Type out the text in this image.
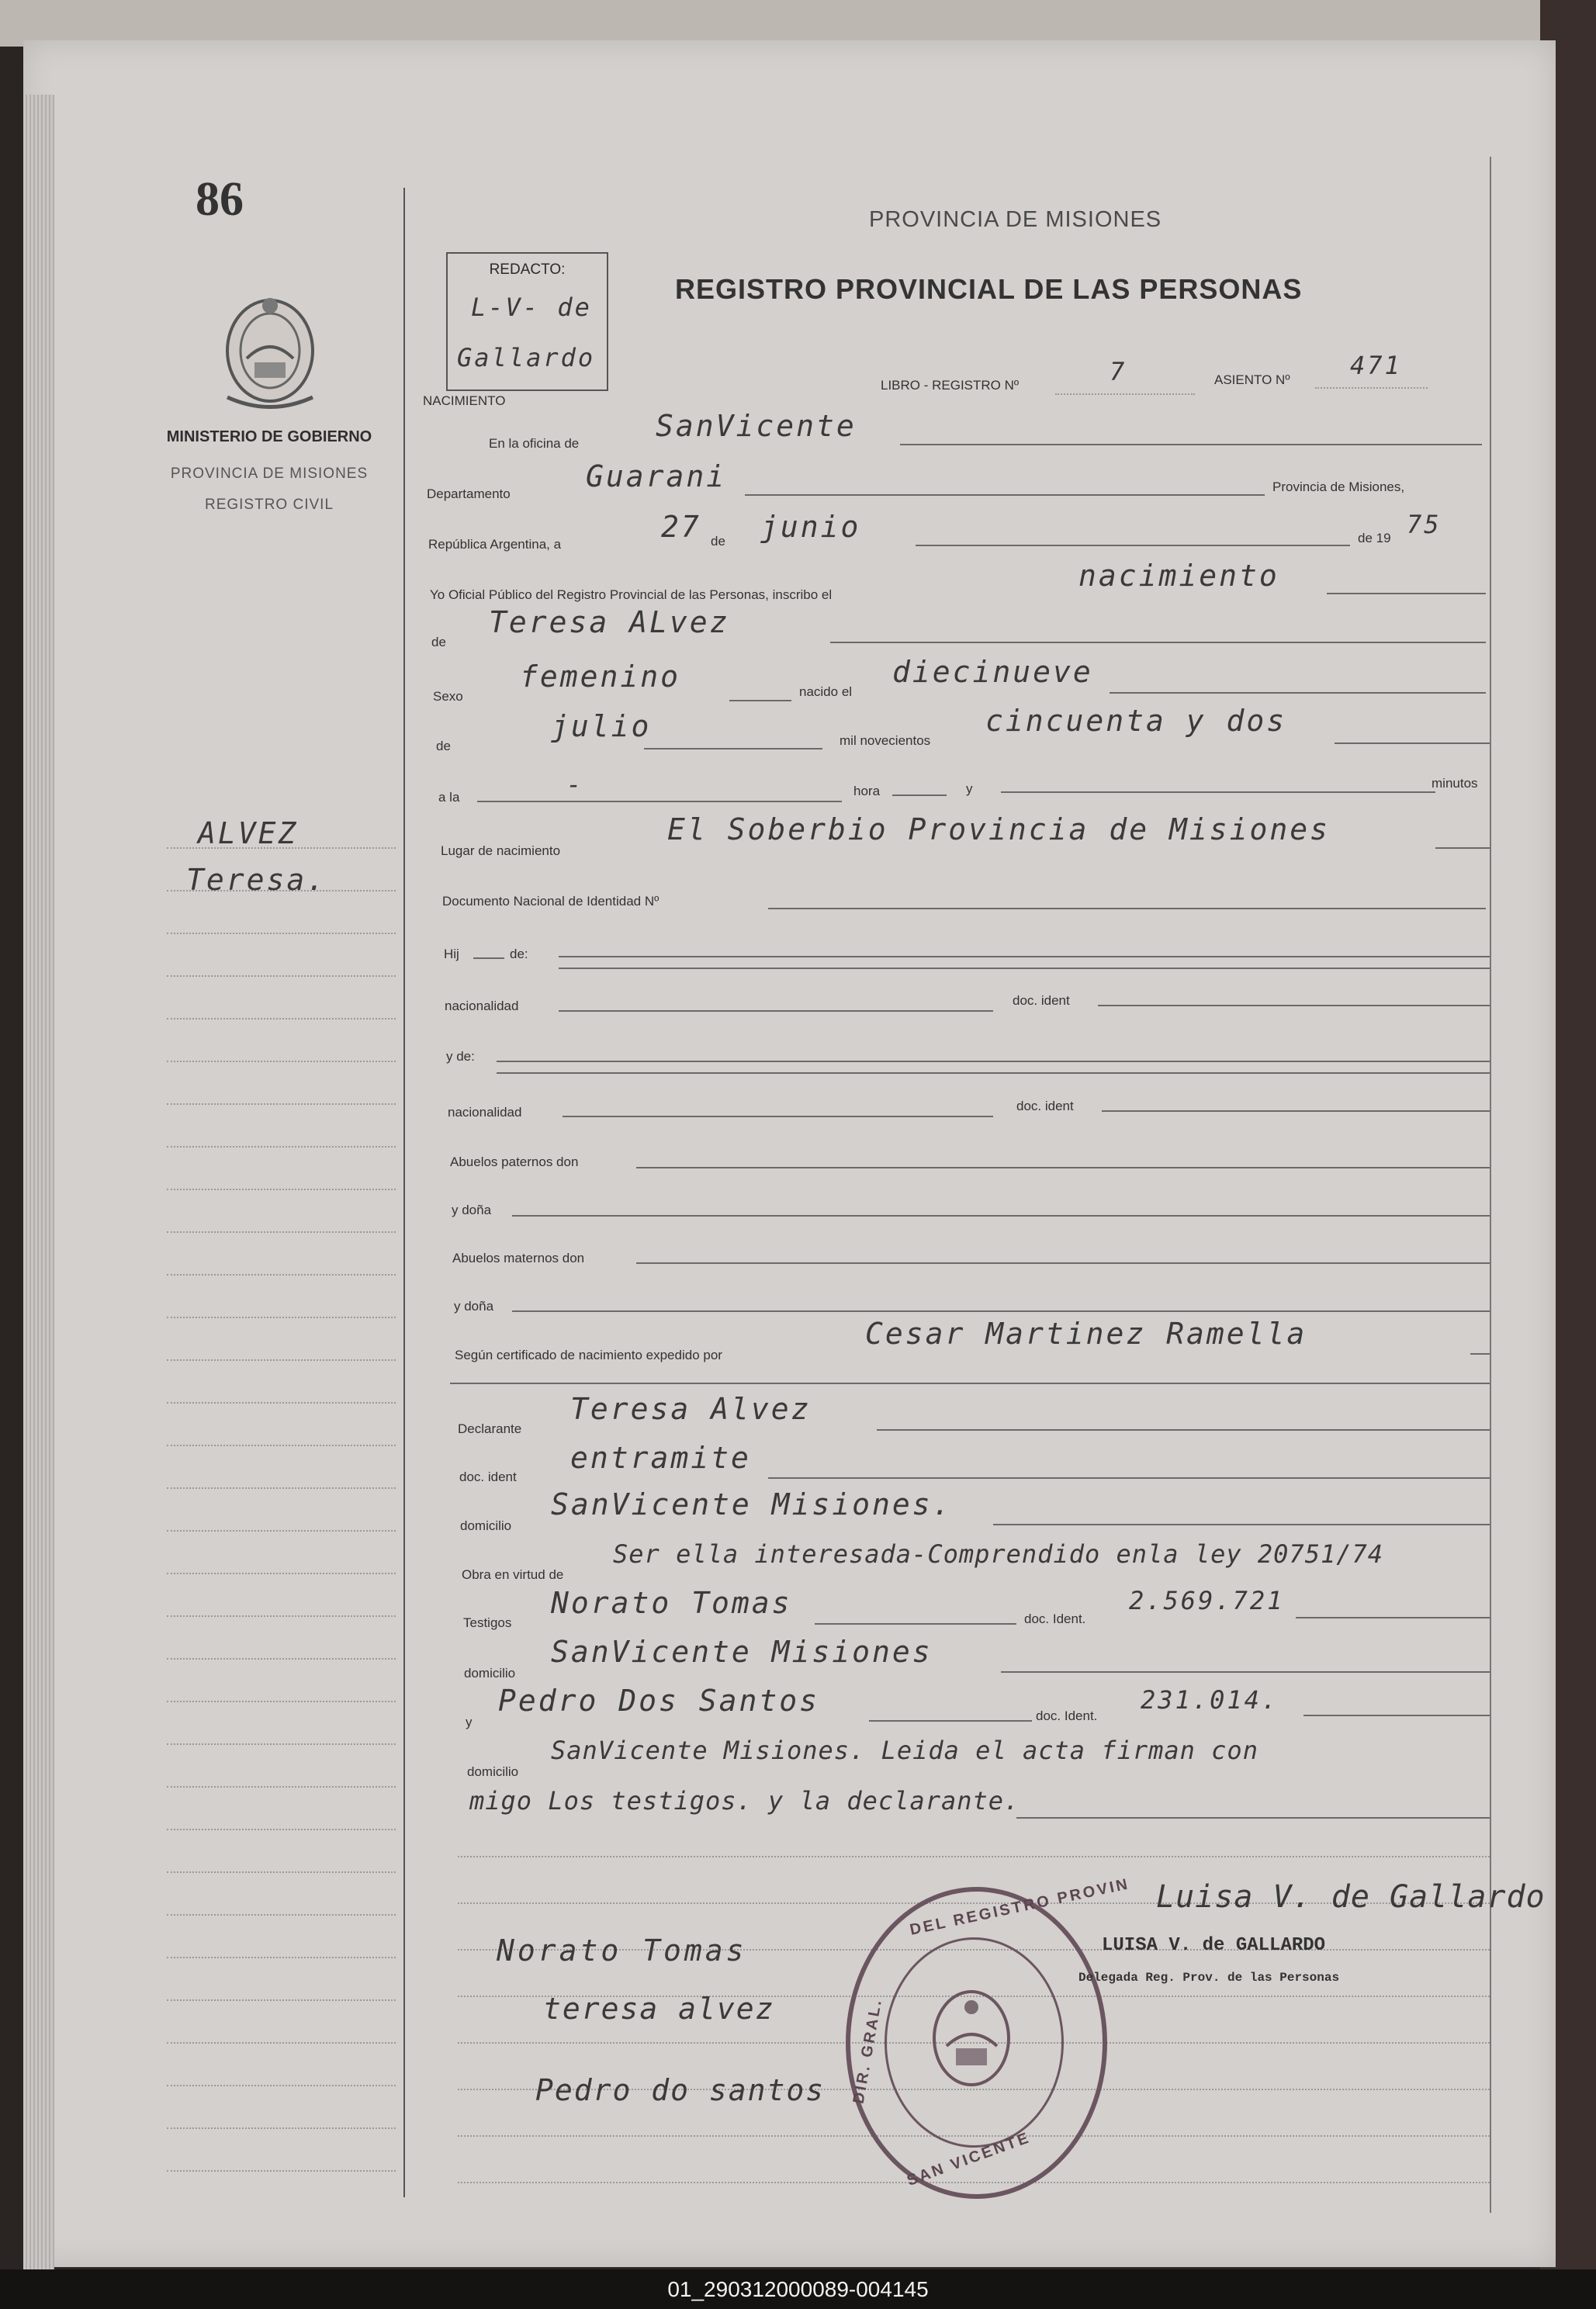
86
MINISTERIO DE GOBIERNO
PROVINCIA DE MISIONES
REGISTRO CIVIL
ALVEZ
Teresa.
REDACTO:
L-V- de
Gallardo
PROVINCIA DE MISIONES
REGISTRO PROVINCIAL DE LAS PERSONAS
NACIMIENTO
LIBRO - REGISTRO Nº	7	ASIENTO Nº 471
En la oficina de
SanVicente
Departamento
Guarani	Provincia de Misiones,
República Argentina, a
27 de junio	de 19 75
Yo Oficial Público del Registro Provincial de las Personas, inscribo el
nacimiento
de
Teresa ALvez
Sexo
femenino	nacido el
diecinueve
de
julio	mil novecientos
cincuenta y dos
a la	-	hora	y	minutos
Lugar de nacimiento
El Soberbio Provincia de Misiones
Documento Nacional de Identidad Nº
Hij	de:
nacionalidad	doc. ident
y de:
nacionalidad	doc. ident
Abuelos paternos don
y doña
Abuelos maternos don
y doña
Según certificado de nacimiento expedido por
Cesar Martinez Ramella
Declarante
Teresa Alvez
doc. ident
entramite
domicilio
SanVicente Misiones.
Obra en virtud de
Ser ella interesada-Comprendido enla ley 20751/74
Testigos
Norato Tomas	doc. Ident.
2.569.721
domicilio
SanVicente Misiones
y
Pedro Dos Santos	doc. Ident.
231.014.
domicilio
SanVicente Misiones. Leida el acta firman con
migo Los testigos. y la declarante.
DEL REGISTRO PROVIN
DIR. GRAL.
SAN VICENTE
Luisa V. de Gallardo
LUISA V. de GALLARDO
Delegada Reg. Prov. de las Personas
Norato Tomas
teresa alvez
Pedro do santos
01_290312000089-004145
